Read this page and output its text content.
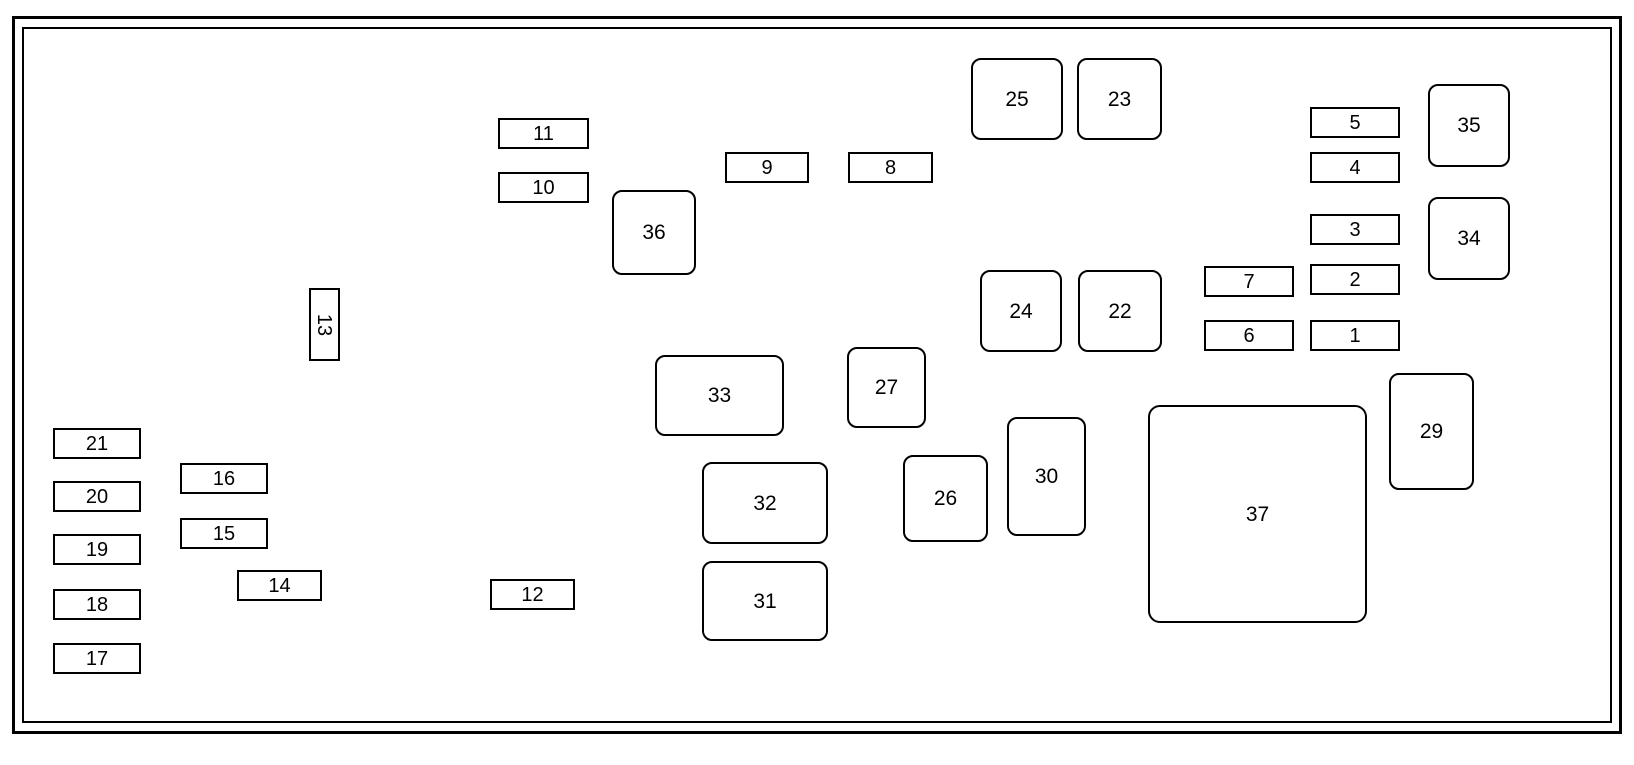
11
10
9	8
36
25	23
5
4
35
3	34
7	2
6	1
24	22
13
33	27
29
30
37
21
16
20
15
19
14
18
17
12
32
31
26
